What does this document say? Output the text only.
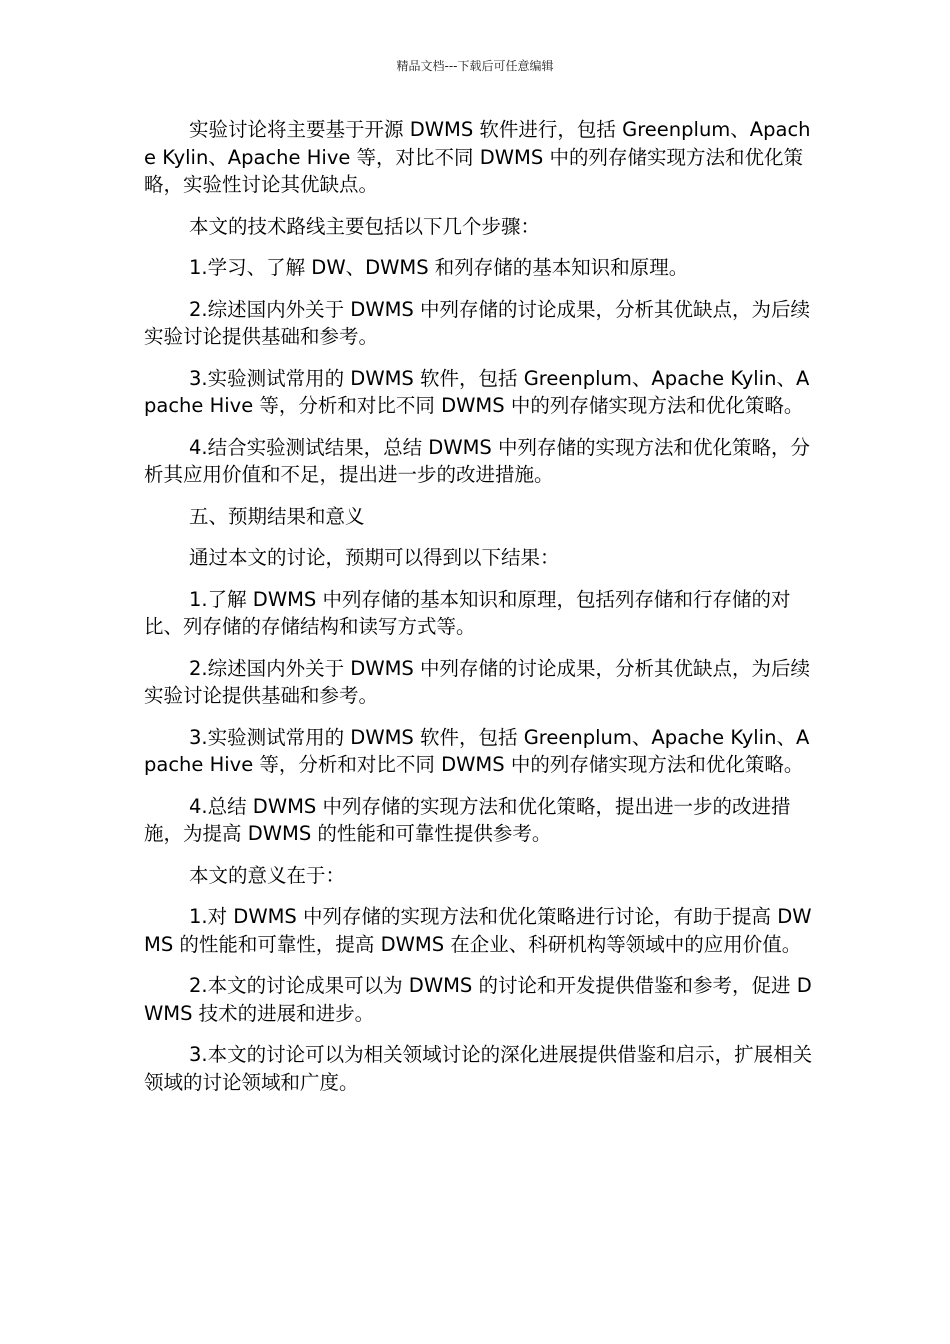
精品文档---下载后可任意编辑

实验讨论将主要基于开源 DWMS 软件进行，包括 Greenplum、Apache Kylin、Apache Hive 等，对比不同 DWMS 中的列存储实现方法和优化策略，实验性讨论其优缺点。

本文的技术路线主要包括以下几个步骤：

1.学习、了解 DW、DWMS 和列存储的基本知识和原理。

2.综述国内外关于 DWMS 中列存储的讨论成果，分析其优缺点，为后续实验讨论提供基础和参考。

3.实验测试常用的 DWMS 软件，包括 Greenplum、Apache Kylin、Apache Hive 等，分析和对比不同 DWMS 中的列存储实现方法和优化策略。

4.结合实验测试结果，总结 DWMS 中列存储的实现方法和优化策略，分析其应用价值和不足，提出进一步的改进措施。

五、预期结果和意义

通过本文的讨论，预期可以得到以下结果：

1.了解 DWMS 中列存储的基本知识和原理，包括列存储和行存储的对比、列存储的存储结构和读写方式等。

2.综述国内外关于 DWMS 中列存储的讨论成果，分析其优缺点，为后续实验讨论提供基础和参考。

3.实验测试常用的 DWMS 软件，包括 Greenplum、Apache Kylin、Apache Hive 等，分析和对比不同 DWMS 中的列存储实现方法和优化策略。

4.总结 DWMS 中列存储的实现方法和优化策略，提出进一步的改进措施，为提高 DWMS 的性能和可靠性提供参考。

本文的意义在于：

1.对 DWMS 中列存储的实现方法和优化策略进行讨论，有助于提高 DWMS 的性能和可靠性，提高 DWMS 在企业、科研机构等领域中的应用价值。

2.本文的讨论成果可以为 DWMS 的讨论和开发提供借鉴和参考，促进 DWMS 技术的进展和进步。

3.本文的讨论可以为相关领域讨论的深化进展提供借鉴和启示，扩展相关领域的讨论领域和广度。
